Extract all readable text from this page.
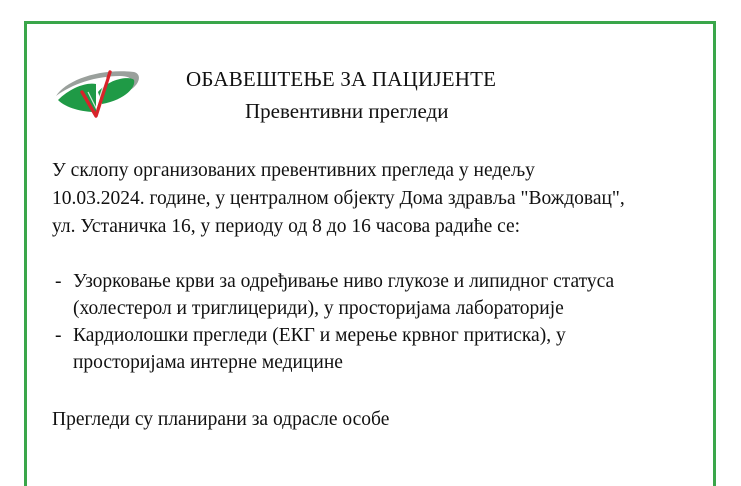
ОБАВЕШТЕЊЕ ЗА ПАЦИЈЕНТЕ
Превентивни прегледи
У склопу организованих превентивних прегледа у недељу
10.03.2024. године, у централном објекту Дома здравља "Вождовац",
ул. Устаничка 16, у периоду од 8 до 16 часова радиће се:
- Узорковање крви за одређивање ниво глукозе и липидног статуса
(холестерол и триглицериди), у просторијама лабораторије
- Кардиолошки прегледи (ЕКГ и мерење крвног притиска), у
просторијама интерне медицине
Прегледи су планирани за одрасле особе
